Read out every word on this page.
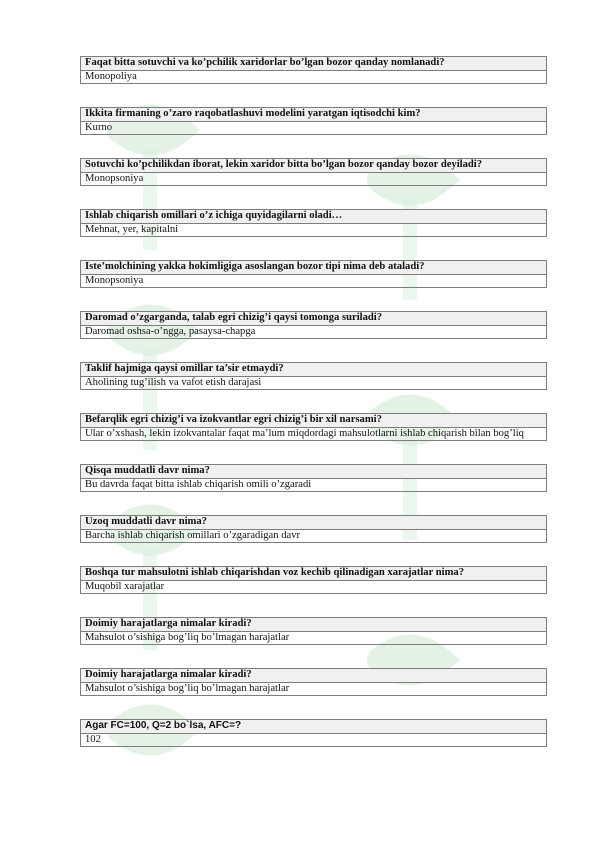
Faqat bitta sotuvchi va ko’pchilik xaridorlar bo’lgan bozor qanday nomlanadi?
Monopoliya
Ikkita firmaning o’zaro raqobatlashuvi modelini yaratgan iqtisodchi kim?
Kurno
Sotuvchi ko’pchilikdan iborat, lekin xaridor bitta bo’lgan bozor qanday bozor deyiladi?
Monopsoniya
Ishlab chiqarish omillari o’z ichiga quyidagilarni oladi…
Mehnat, yer, kapitalni
Iste’molchining yakka hokimligiga asoslangan bozor tipi nima deb ataladi?
Monopsoniya
Daromad o’zgarganda, talab egri chizig’i qaysi tomonga suriladi?
Daromad oshsa-o’ngga, pasaysa-chapga
Taklif hajmiga qaysi omillar ta’sir etmaydi?
Aholining tug’ilish va vafot etish darajasi
Befarqlik egri chizig’i va izokvantlar egri chizig’i bir xil narsami?
Ular o’xshash, lekin izokvantalar faqat ma’lum miqdordagi mahsulotlarni ishlab chiqarish bilan bog’liq
Qisqa muddatli davr nima?
Bu davrda faqat bitta ishlab chiqarish omili o’zgaradi
Uzoq muddatli davr nima?
Barcha ishlab chiqarish omillari o’zgaradigan davr
Boshqa tur mahsulotni ishlab chiqarishdan voz kechib qilinadigan xarajatlar nima?
Muqobil xarajatlar
Doimiy harajatlarga nimalar kiradi?
Mahsulot o’sishiga bog’liq bo’lmagan harajatlar
Doimiy harajatlarga nimalar kiradi?
Mahsulot o’sishiga bog’liq bo’lmagan harajatlar
Agar FC=100, Q=2 bo`lsa, AFC=?
102
